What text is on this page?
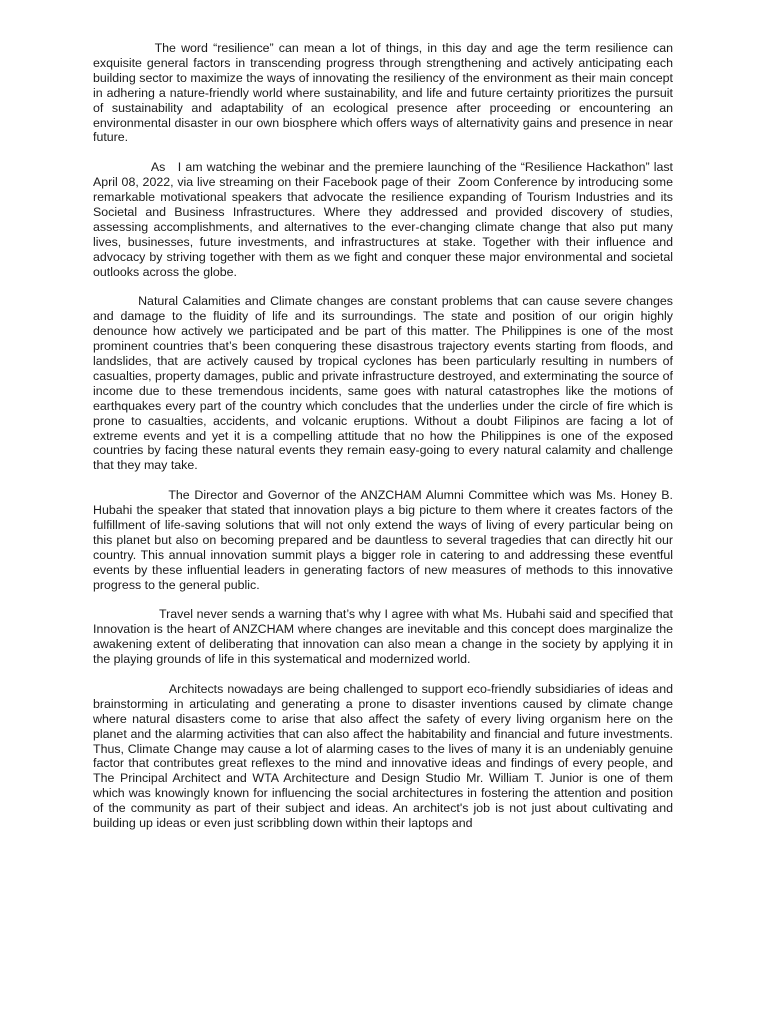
The word “resilience” can mean a lot of things, in this day and age the term resilience can exquisite general factors in transcending progress through strengthening and actively anticipating each building sector to maximize the ways of innovating the resiliency of the environment as their main concept in adhering a nature-friendly world where sustainability, and life and future certainty prioritizes the pursuit of sustainability and adaptability of an ecological presence after proceeding or encountering an environmental disaster in our own biosphere which offers ways of alternativity gains and presence in near future.

As   I am watching the webinar and the premiere launching of the “Resilience Hackathon” last April 08, 2022, via live streaming on their Facebook page of their  Zoom Conference by introducing some remarkable motivational speakers that advocate the resilience expanding of Tourism Industries and its Societal and Business Infrastructures. Where they addressed and provided discovery of studies, assessing accomplishments, and alternatives to the ever-changing climate change that also put many lives, businesses, future investments, and infrastructures at stake. Together with their influence and advocacy by striving together with them as we fight and conquer these major environmental and societal outlooks across the globe.

Natural Calamities and Climate changes are constant problems that can cause severe changes and damage to the fluidity of life and its surroundings. The state and position of our origin highly denounce how actively we participated and be part of this matter. The Philippines is one of the most prominent countries that’s been conquering these disastrous trajectory events starting from floods, and landslides, that are actively caused by tropical cyclones has been particularly resulting in numbers of casualties, property damages, public and private infrastructure destroyed, and exterminating the source of income due to these tremendous incidents, same goes with natural catastrophes like the motions of earthquakes every part of the country which concludes that the underlies under the circle of fire which is prone to casualties, accidents, and volcanic eruptions. Without a doubt Filipinos are facing a lot of extreme events and yet it is a compelling attitude that no how the Philippines is one of the exposed countries by facing these natural events they remain easy-going to every natural calamity and challenge that they may take.

The Director and Governor of the ANZCHAM Alumni Committee which was Ms. Honey B. Hubahi the speaker that stated that innovation plays a big picture to them where it creates factors of the fulfillment of life-saving solutions that will not only extend the ways of living of every particular being on this planet but also on becoming prepared and be dauntless to several tragedies that can directly hit our country. This annual innovation summit plays a bigger role in catering to and addressing these eventful events by these influential leaders in generating factors of new measures of methods to this innovative progress to the general public.

Travel never sends a warning that’s why I agree with what Ms. Hubahi said and specified that Innovation is the heart of ANZCHAM where changes are inevitable and this concept does marginalize the awakening extent of deliberating that innovation can also mean a change in the society by applying it in the playing grounds of life in this systematical and modernized world.

Architects nowadays are being challenged to support eco-friendly subsidiaries of ideas and brainstorming in articulating and generating a prone to disaster inventions caused by climate change where natural disasters come to arise that also affect the safety of every living organism here on the planet and the alarming activities that can also affect the habitability and financial and future investments. Thus, Climate Change may cause a lot of alarming cases to the lives of many it is an undeniably genuine factor that contributes great reflexes to the mind and innovative ideas and findings of every people, and The Principal Architect and WTA Architecture and Design Studio Mr. William T. Junior is one of them which was knowingly known for influencing the social architectures in fostering the attention and position of the community as part of their subject and ideas. An architect's job is not just about cultivating and building up ideas or even just scribbling down within their laptops and
